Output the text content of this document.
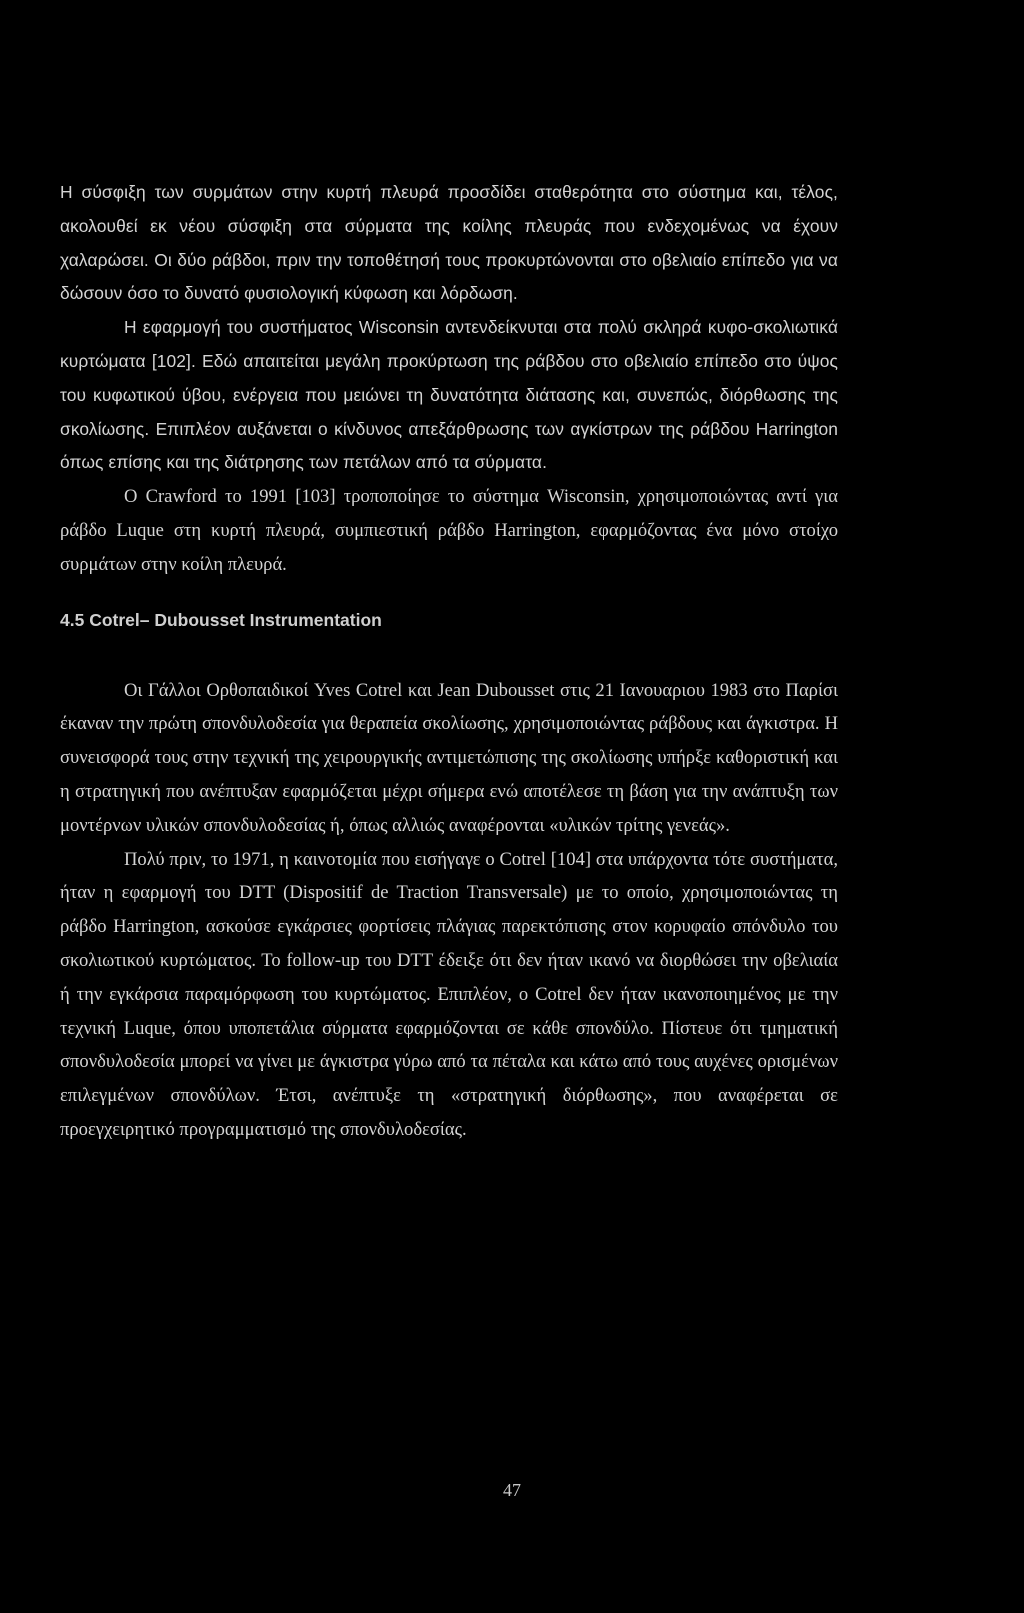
Η σύσφιξη των συρμάτων στην κυρτή πλευρά προσδίδει σταθερότητα στο σύστημα και, τέλος, ακολουθεί εκ νέου σύσφιξη στα σύρματα της κοίλης πλευράς που ενδεχομένως να έχουν χαλαρώσει. Οι δύο ράβδοι, πριν την τοποθέτησή τους προκυρτώνονται στο οβελιαίο επίπεδο για να δώσουν όσο το δυνατό φυσιολογική κύφωση και λόρδωση.

Η εφαρμογή του συστήματος Wisconsin αντενδείκνυται στα πολύ σκληρά κυφο-σκολιωτικά κυρτώματα [102]. Εδώ απαιτείται μεγάλη προκύρτωση της ράβδου στο οβελιαίο επίπεδο στο ύψος του κυφωτικού ύβου, ενέργεια που μειώνει τη δυνατότητα διάτασης και, συνεπώς, διόρθωσης της σκολίωσης. Επιπλέον αυξάνεται ο κίνδυνος απεξάρθρωσης των αγκίστρων της ράβδου Harrington όπως επίσης και της διάτρησης των πετάλων από τα σύρματα.

Ο Crawford το 1991 [103] τροποποίησε το σύστημα Wisconsin, χρησιμοποιώντας αντί για ράβδο Luque στη κυρτή πλευρά, συμπιεστική ράβδο Harrington, εφαρμόζοντας ένα μόνο στοίχο συρμάτων στην κοίλη πλευρά.

4.5 Cotrel– Dubousset Instrumentation

Οι Γάλλοι Ορθοπαιδικοί Yves Cotrel και Jean Dubousset στις 21 Ιανουαριου 1983 στο Παρίσι έκαναν την πρώτη σπονδυλοδεσία για θεραπεία σκολίωσης, χρησιμοποιώντας ράβδους και άγκιστρα. Η συνεισφορά τους στην τεχνική της χειρουργικής αντιμετώπισης της σκολίωσης υπήρξε καθοριστική και η στρατηγική που ανέπτυξαν εφαρμόζεται μέχρι σήμερα ενώ αποτέλεσε τη βάση για την ανάπτυξη των μοντέρνων υλικών σπονδυλοδεσίας ή, όπως αλλιώς αναφέρονται «υλικών τρίτης γενεάς».

Πολύ πριν, το 1971, η καινοτομία που εισήγαγε ο Cotrel [104] στα υπάρχοντα τότε συστήματα, ήταν η εφαρμογή του DTT (Dispositif de Traction Transversale) με το οποίο, χρησιμοποιώντας τη ράβδο Harrington, ασκούσε εγκάρσιες φορτίσεις πλάγιας παρεκτόπισης στον κορυφαίο σπόνδυλο του σκολιωτικού κυρτώματος. Το follow-up του DTT έδειξε ότι δεν ήταν ικανό να διορθώσει την οβελιαία ή την εγκάρσια παραμόρφωση του κυρτώματος. Επιπλέον, ο Cotrel δεν ήταν ικανοποιημένος με την τεχνική Luque, όπου υποπετάλια σύρματα εφαρμόζονται σε κάθε σπονδύλο. Πίστευε ότι τμηματική σπονδυλοδεσία μπορεί να γίνει με άγκιστρα γύρω από τα πέταλα και κάτω από τους αυχένες ορισμένων επιλεγμένων σπονδύλων. Έτσι, ανέπτυξε τη «στρατηγική διόρθωσης», που αναφέρεται σε προεγχειρητικό προγραμματισμό της σπονδυλοδεσίας.

47
